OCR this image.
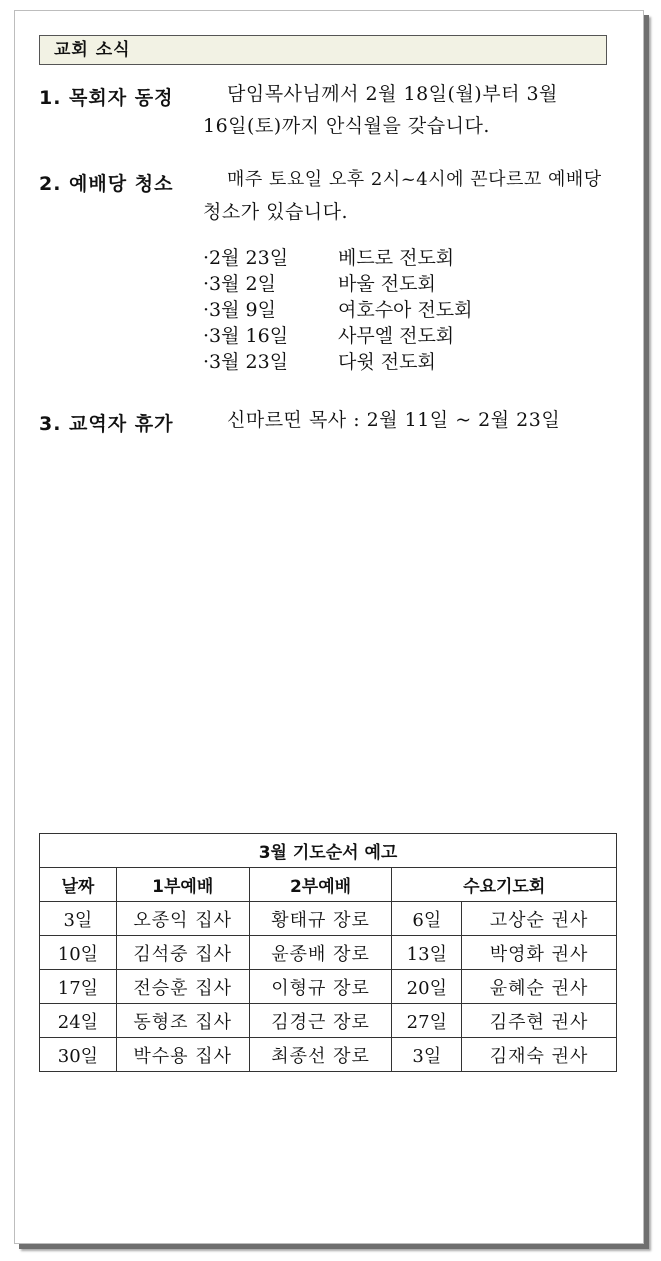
교회 소식
1. 목회자 동정	담임목사님께서 2월 18일(월)부터 3월
16일(토)까지 안식월을 갖습니다.
2. 예배당 청소	매주 토요일 오후 2시~4시에 꼰다르꼬 예배당
청소가 있습니다.
·2월 23일	베드로 전도회
·3월 2일	바울 전도회
·3월 9일	여호수아 전도회
·3월 16일	사무엘 전도회
·3월 23일	다윗 전도회
3. 교역자 휴가	신마르띤 목사 : 2월 11일 ~ 2월 23일
3월 기도순서 예고				
날짜	1부예배	2부예배	수요기도회	
3일	오종익 집사	황태규 장로	6일	고상순 권사
10일	김석중 집사	윤종배 장로	13일	박영화 권사
17일	전승훈 집사	이형규 장로	20일	윤혜순 권사
24일	동형조 집사	김경근 장로	27일	김주현 권사
30일	박수용 집사	최종선 장로	3일	김재숙 권사
